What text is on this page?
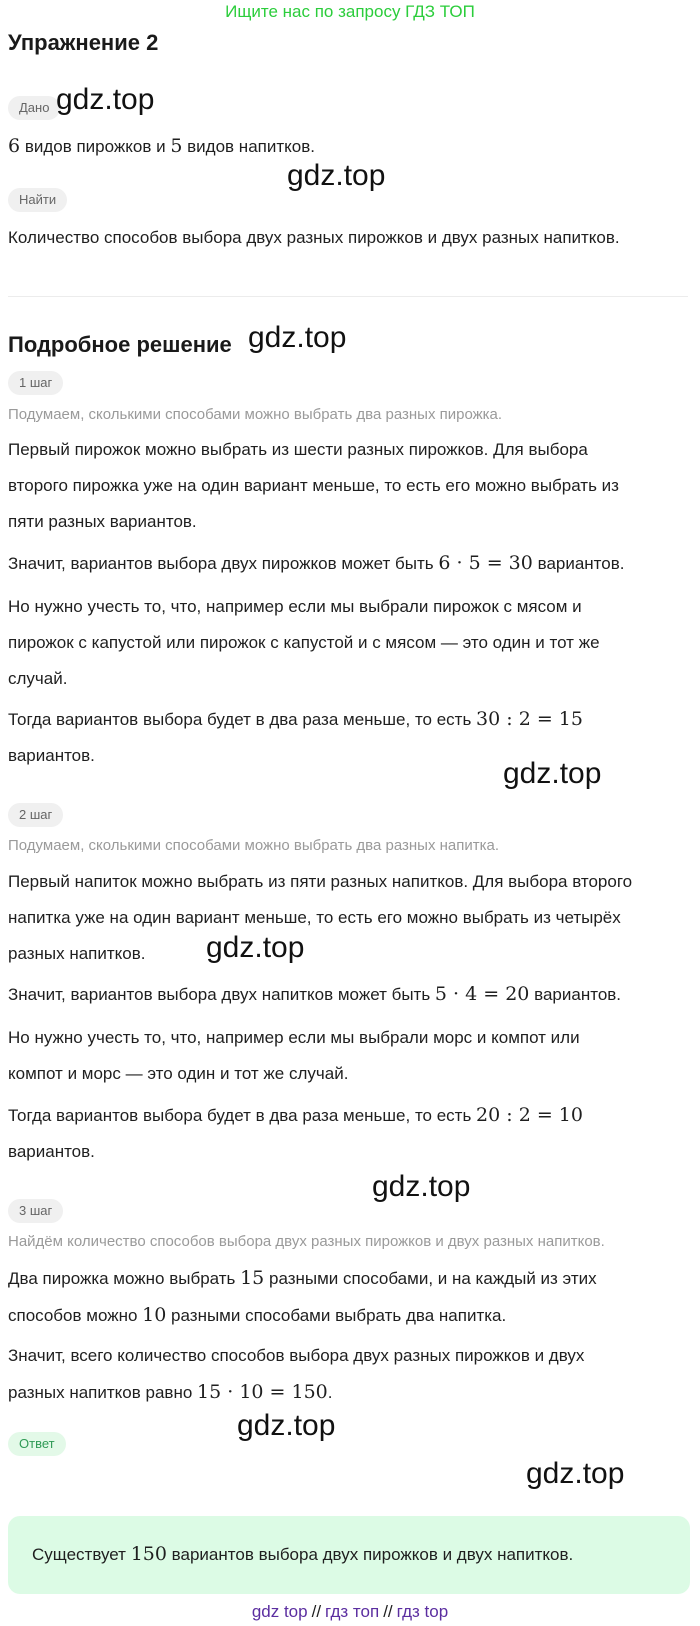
Ищите нас по запросу ГДЗ ТОП
Упражнение 2
Дано
6 видов пирожков и 5 видов напитков.
Найти
Количество способов выбора двух разных пирожков и двух разных напитков.
Подробное решение
1 шаг
Подумаем, сколькими способами можно выбрать два разных пирожка.
Первый пирожок можно выбрать из шести разных пирожков. Для выбора
второго пирожка уже на один вариант меньше, то есть его можно выбрать из
пяти разных вариантов.
Значит, вариантов выбора двух пирожков может быть 6 · 5 = 30 вариантов.
Но нужно учесть то, что, например если мы выбрали пирожок с мясом и
пирожок с капустой или пирожок с капустой и с мясом — это один и тот же
случай.
Тогда вариантов выбора будет в два раза меньше, то есть 30 : 2 = 15
вариантов.
2 шаг
Подумаем, сколькими способами можно выбрать два разных напитка.
Первый напиток можно выбрать из пяти разных напитков. Для выбора второго
напитка уже на один вариант меньше, то есть его можно выбрать из четырёх
разных напитков.
Значит, вариантов выбора двух напитков может быть 5 · 4 = 20 вариантов.
Но нужно учесть то, что, например если мы выбрали морс и компот или
компот и морс — это один и тот же случай.
Тогда вариантов выбора будет в два раза меньше, то есть 20 : 2 = 10
вариантов.
3 шаг
Найдём количество способов выбора двух разных пирожков и двух разных напитков.
Два пирожка можно выбрать 15 разными способами, и на каждый из этих
способов можно 10 разными способами выбрать два напитка.
Значит, всего количество способов выбора двух разных пирожков и двух
разных напитков равно 15 · 10 = 150.
Ответ
Существует 150 вариантов выбора двух пирожков и двух напитков.
gdz.top
gdz.top
gdz.top
gdz.top
gdz.top
gdz.top
gdz.top
gdz.top
gdz top // гдз топ // гдз top
